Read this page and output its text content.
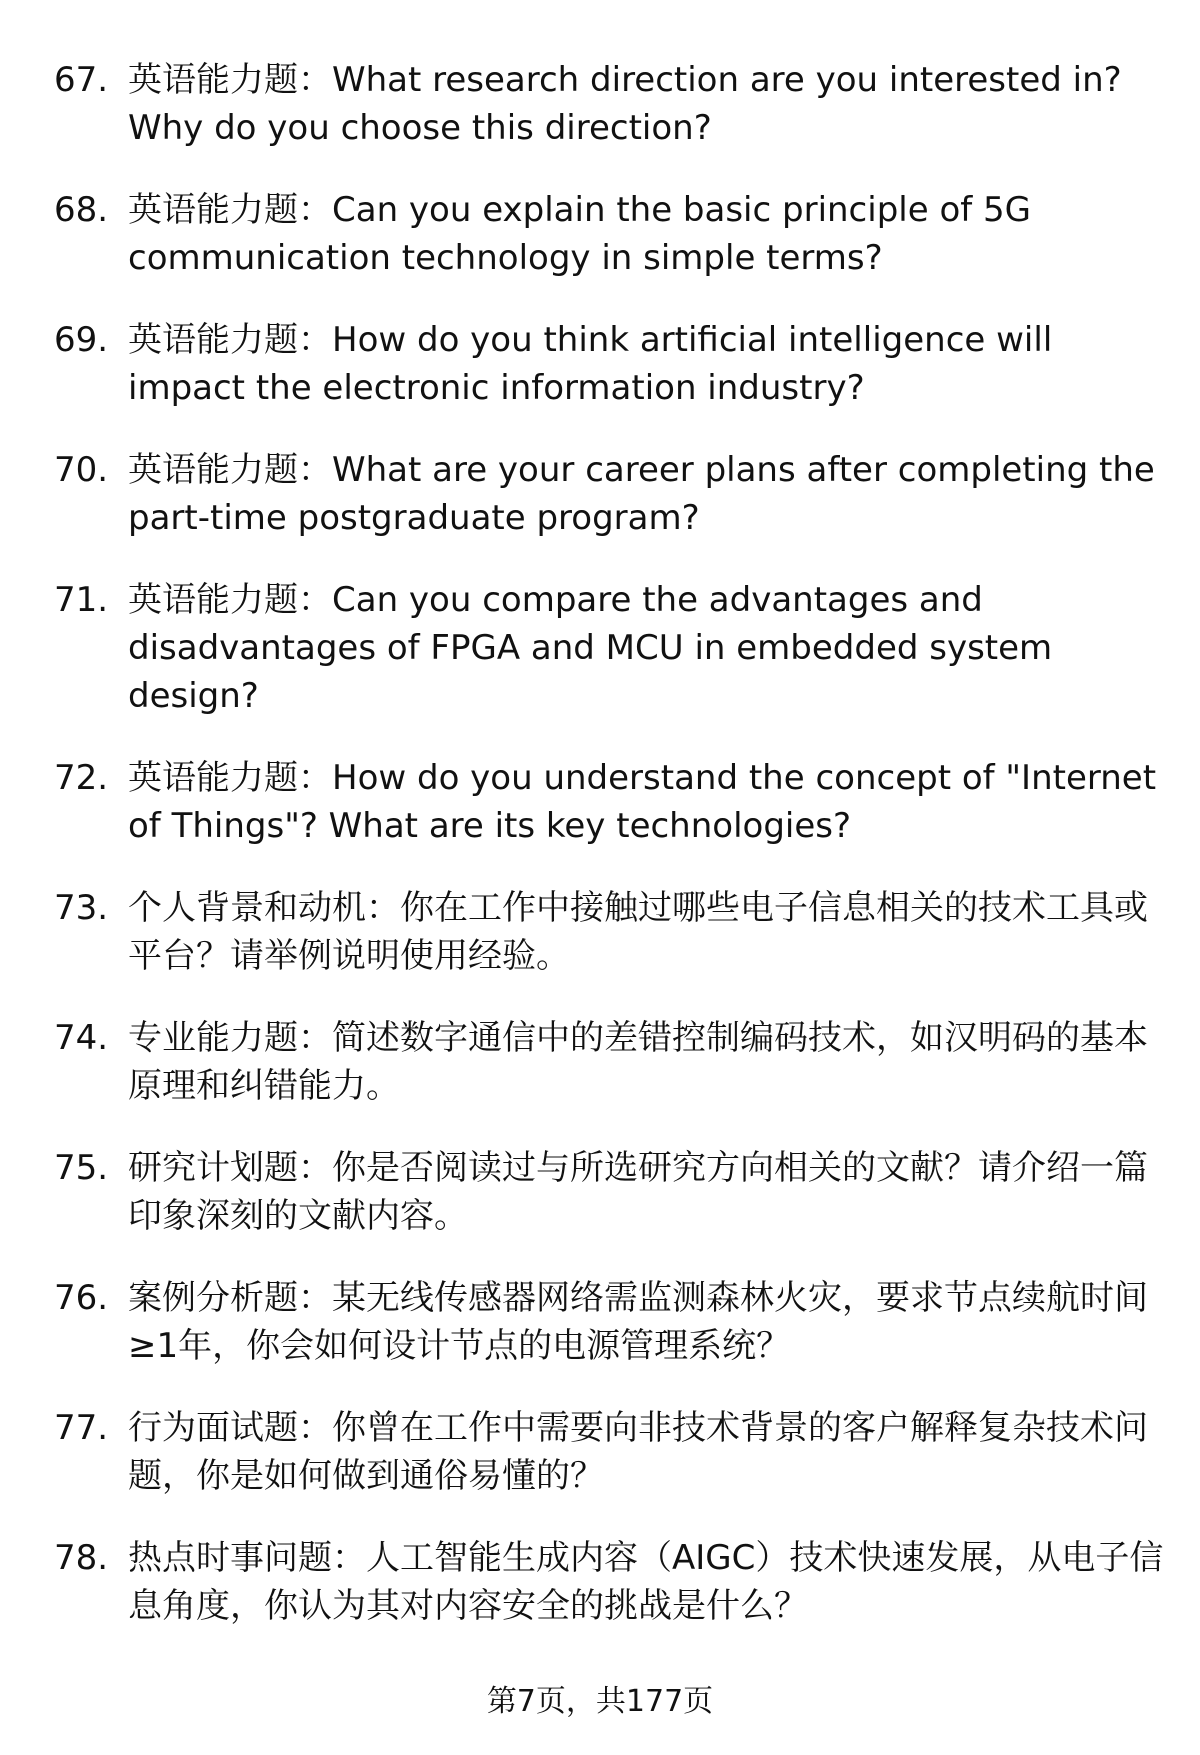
67. 英语能力题：What research direction are you interested in? Why do you choose this direction?
68. 英语能力题：Can you explain the basic principle of 5G communication technology in simple terms?
69. 英语能力题：How do you think artificial intelligence will impact the electronic information industry?
70. 英语能力题：What are your career plans after completing the part-time postgraduate program?
71. 英语能力题：Can you compare the advantages and disadvantages of FPGA and MCU in embedded system design?
72. 英语能力题：How do you understand the concept of "Internet of Things"? What are its key technologies?
73. 个人背景和动机：你在工作中接触过哪些电子信息相关的技术工具或平台？请举例说明使用经验。
74. 专业能力题：简述数字通信中的差错控制编码技术，如汉明码的基本原理和纠错能力。
75. 研究计划题：你是否阅读过与所选研究方向相关的文献？请介绍一篇印象深刻的文献内容。
76. 案例分析题：某无线传感器网络需监测森林火灾，要求节点续航时间≥1年，你会如何设计节点的电源管理系统？
77. 行为面试题：你曾在工作中需要向非技术背景的客户解释复杂技术问题，你是如何做到通俗易懂的？
78. 热点时事问题：人工智能生成内容（AIGC）技术快速发展，从电子信息角度，你认为其对内容安全的挑战是什么？
第7页，共177页
